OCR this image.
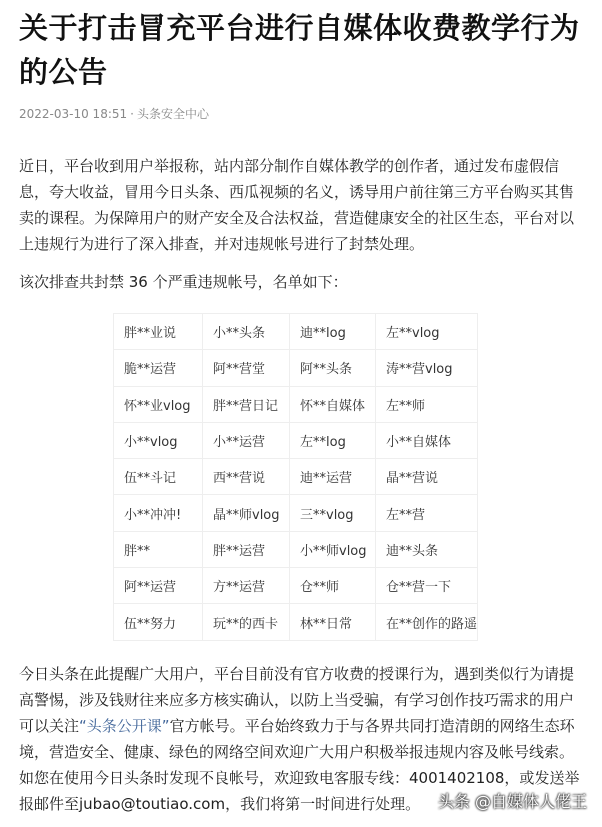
关于打击冒充平台进行自媒体收费教学行为的公告
2022-03-10 18:51 · 头条安全中心
近日，平台收到用户举报称，站内部分制作自媒体教学的创作者，通过发布虚假信息，夸大收益，冒用今日头条、西瓜视频的名义，诱导用户前往第三方平台购买其售卖的课程。为保障用户的财产安全及合法权益，营造健康安全的社区生态，平台对以上违规行为进行了深入排查，并对违规帐号进行了封禁处理。
该次排查共封禁 36 个严重违规帐号，名单如下：
胖**业说	小**头条	迪**log	左**vlog
脆**运营	阿**营堂	阿**头条	涛**营vlog
怀**业vlog	胖**营日记	怀**自媒体	左**师
小**vlog	小**运营	左**log	小**自媒体
伍**斗记	西**营说	迪**运营	晶**营说
小**冲冲!	晶**师vlog	三**vlog	左**营
胖**	胖**运营	小**师vlog	迪**头条
阿**运营	方**运营	仓**师	仓**营一下
伍**努力	玩**的西卡	林**日常	在**创作的路遥
今日头条在此提醒广大用户，平台目前没有官方收费的授课行为，遇到类似行为请提高警惕，涉及钱财往来应多方核实确认，以防上当受骗，有学习创作技巧需求的用户可以关注“头条公开课”官方帐号。平台始终致力于与各界共同打造清朗的网络生态环境，营造安全、健康、绿色的网络空间欢迎广大用户积极举报违规内容及帐号线索。如您在使用今日头条时发现不良帐号，欢迎致电客服专线：4001402108，或发送举报邮件至jubao@toutiao.com，我们将第一时间进行处理。	头条 @自媒体人佬王
